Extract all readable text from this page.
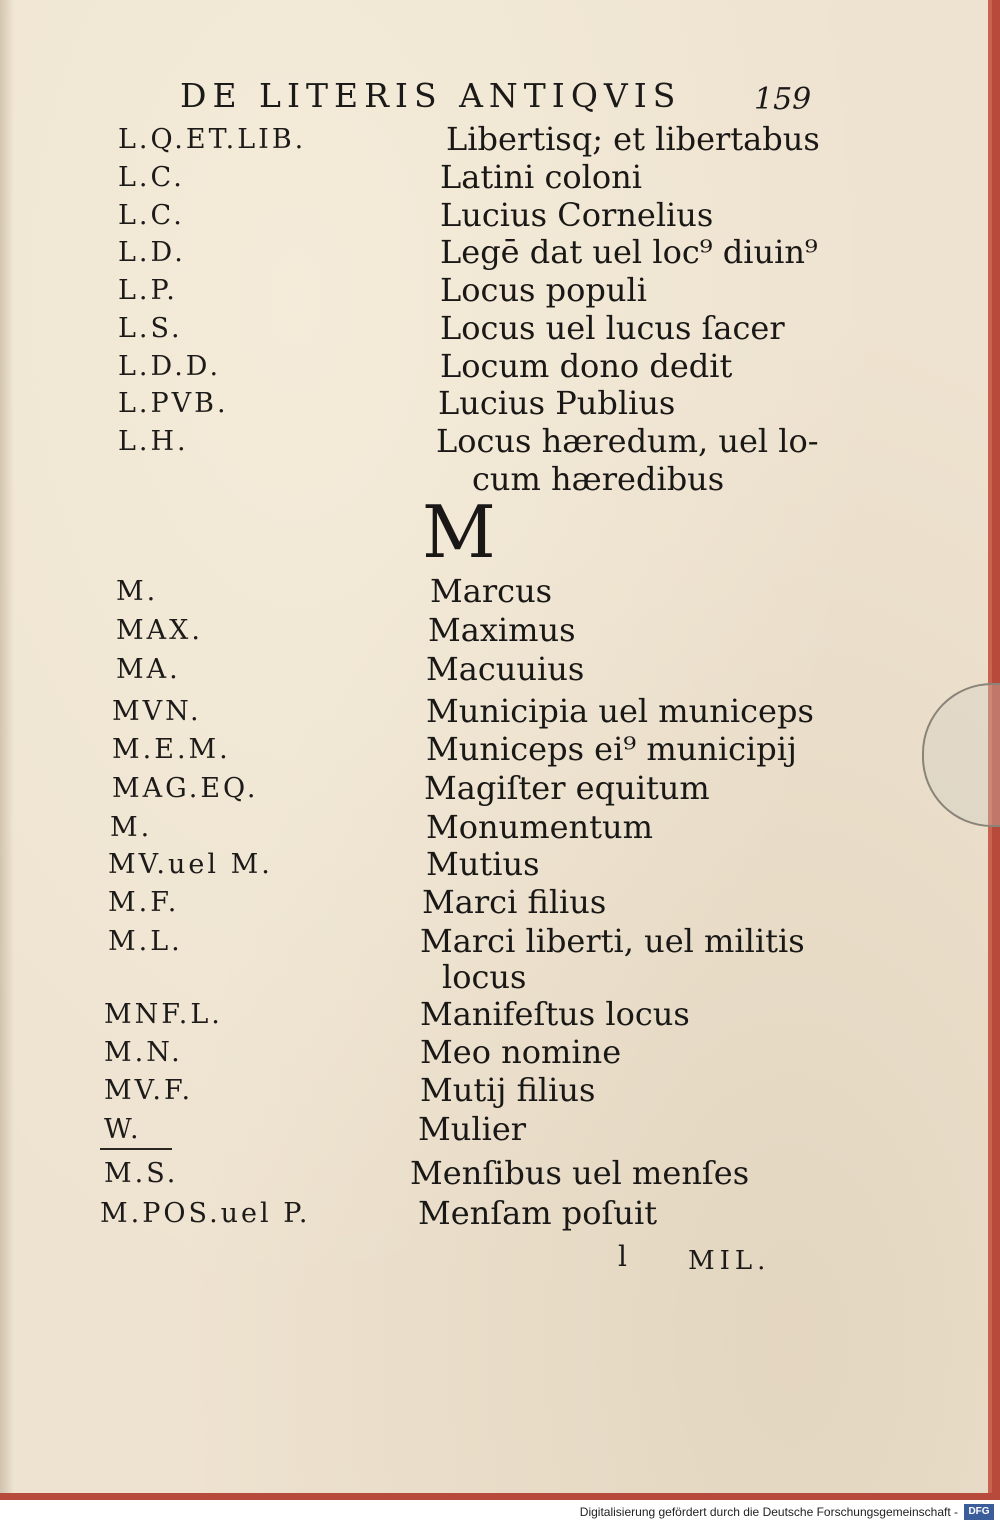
DE LITERIS ANTIQVIS 159
L.Q.ET.LIB.	Libertisq; et libertabus
L.C.	Latini coloni
L.C.	Lucius Cornelius
L.D.	Legē dat uel loc⁹ diuin⁹
L.P.	Locus populi
L.S.	Locus uel lucus ſacer
L.D.D.	Locum dono dedit
L.PVB.	Lucius Publius
L.H.	Locus hæredum, uel lo-
cum hæredibus
M.	Marcus
MAX.	Maximus
MA.	Macuuius
MVN.	Municipia uel municeps
M.E.M.	Municeps ei⁹ municipij
MAG.EQ.	Magiſter equitum
M.	Monumentum
MV.uel M.	Mutius
M.F.	Marci filius
M.L.	Marci liberti, uel militis
locus
MNF.L.	Manifeſtus locus
M.N.	Meo nomine
MV.F.	Mutij filius
W.	Mulier
M.S.	Menſibus uel menſes
M.POS.uel P.	Menſam poſuit
M
l MIL.
Digitalisierung gefördert durch die Deutsche Forschungsgemeinschaft -	DFG
